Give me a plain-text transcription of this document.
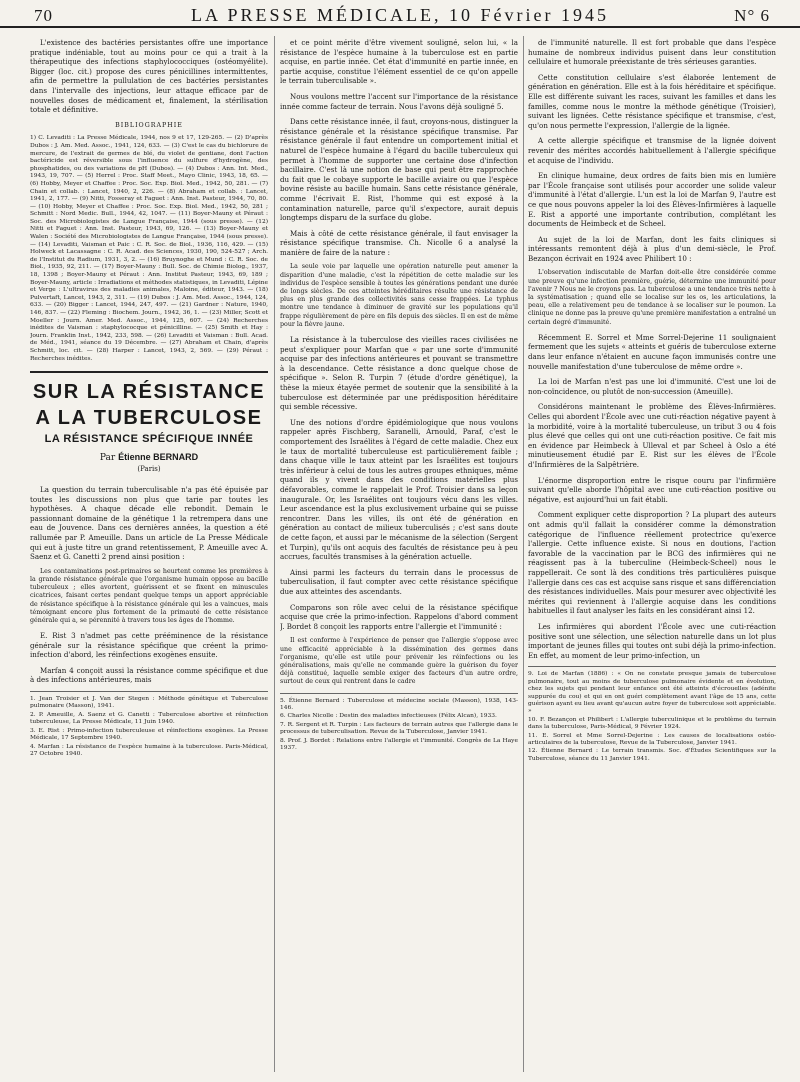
70	LA PRESSE MÉDICALE, 10 Février 1945	N° 6

L'existence des bactéries persistantes offre une importance pratique indéniable, tout au moins pour ce qui a trait à la thérapeutique des infections staphylococciques (ostéomyélite). Bigger (loc. cit.) propose des cures pénicillines intermittentes, afin de permettre la pullulation de ces bactéries persistantes dans l'intervalle des injections, leur attaque efficace par de nouvelles doses de médicament et, finalement, la stérilisation totale et définitive.

BIBLIOGRAPHIE
1) C. Levaditi : La Presse Médicale, 1944, nos 9 et 17, 129-265. — (2) D'après Dubos : J. Am. Med. Assoc., 1941, 124, 633. — (3) C'est le cas du bichlorure de mercure, de l'extrait de germes de blé, du violet de gentiane, dont l'action bactéricide est réversible sous l'influence du sulfure d'hydrogène, des phosphatides, ou des variations de pH (Dubos). — (4) Dubos : Ann. Int. Med., 1943, 19, 707. — (5) Herrel : Proc. Staff Meet., Mayo Clinic, 1943, 18, 65. — (6) Hobby, Meyer et Chaffee : Proc. Soc. Exp. Biol. Med., 1942, 50, 281. — (7) Chain et collab. : Lancet, 1940, 2, 226. — (8) Abraham et collab. : Lancet, 1941, 2, 177. — (9) Nitti, Fosseray et Faguet : Ann. Inst. Pasteur, 1944, 70, 80. — (10) Hobby, Meyer et Chaffee : Proc. Soc. Exp. Biol. Med., 1942, 50, 281 ; Schmitt : Nord Medic. Bull., 1944, 42, 1047. — (11) Boyer-Mauny et Péraut : Soc. des Microbiologistes de Langue Française, 1944 (sous presse). — (12) Nitti et Faguet : Ann. Inst. Pasteur, 1943, 69, 126. — (13) Boyer-Mauny et Walen : Société des Microbiologistes de Langue Française, 1944 (sous presse). — (14) Levaditi, Vaisman et Paic : C. R. Soc. de Biol., 1936, 116, 429. — (15) Holweck et Lacassagne : C. R. Acad. des Sciences, 1930, 190, 524-527 ; Arch. de l'Institut du Radium, 1931, 3, 2. — (16) Bruynoghe et Mund : C. R. Soc. de Biol., 1935, 92, 211. — (17) Boyer-Mauny : Bull. Soc. de Chimie Biolog., 1937, 18, 1398 ; Boyer-Mauny et Péraut : Ann. Institut Pasteur, 1943, 69, 189 ; Boyer-Mauny, article : Irradiations et méthodes statistiques, in Levaditi, Lépine et Verge : L'ultravirus des maladies animales, Maloine, éditeur, 1943. — (18) Pulvertaft, Lancet, 1943, 2, 311. — (19) Dubos : J. Am. Med. Assoc., 1944, 124, 633. — (20) Bigger : Lancet, 1944, 247, 497. — (21) Gardner : Nature, 1940, 146, 837. — (22) Fleming : Biochem. Journ., 1942, 36, 1. — (23) Miller, Scott et Moeller : Journ. Amer. Med. Assoc., 1944, 125, 607. — (24) Recherches inédites de Vaisman : staphylococque et pénicilline. — (25) Smith et Hay : Journ. Franklin Inst., 1942, 233, 598. — (26) Levaditi et Vaisman : Bull. Acad. de Méd., 1941, séance du 19 Décembre. — (27) Abraham et Chain, d'après Schmitt, loc. cit. — (28) Harper : Lancet, 1943, 2, 569. — (29) Péraut : Recherches inédites.
SUR LA RÉSISTANCE
A LA TUBERCULOSE
LA RÉSISTANCE SPÉCIFIQUE INNÉE
Par Étienne BERNARD
(Paris)

La question du terrain tuberculisable n'a pas été épuisée par toutes les discussions non plus que tarie par toutes les hypothèses. A chaque décade elle rebondit. Demain le passionnant domaine de la génétique 1 la retrempera dans une eau de Jouvence. Dans ces dernières années, la question a été rallumée par P. Ameuille. Dans un article de La Presse Médicale qui eut à juste titre un grand retentissement, P. Ameuille avec A. Saenz et G. Canetti 2 prend ainsi position :

Les contaminations post-primaires se heurtent comme les premières à la grande résistance générale que l'organisme humain oppose au bacille tuberculeux ; elles avortent, guérissent et se fixent en minuscules cicatrices, faisant certes pendant quelque temps un apport appréciable de résistance spécifique à la résistance générale qui les a vaincues, mais témoignant encore plus fortement de la primauté de cette résistance générale qui a, se pérennité à travers tous les âges de l'homme.

E. Rist 3 n'admet pas cette prééminence de la résistance générale sur la résistance spécifique que créent la primo-infection d'abord, les réinfections exogènes ensuite.

Marfan 4 conçoit aussi la résistance comme spécifique et due à des infections antérieures, mais

1. Jean Troisier et J. Van der Stegen : Méthode génétique et Tuberculose pulmonaire (Masson), 1941.
2. P. Ameuille, A. Saenz et G. Canetti : Tuberculose abortive et réinfection tuberculeuse, La Presse Médicale, 11 Juin 1940.
3. E. Rist : Primo-infection tuberculeuse et réinfections exogènes. La Presse Médicale, 17 Septembre 1940.
4. Marfan : La résistance de l'espèce humaine à la tuberculose. Paris-Médical, 27 Octobre 1940.

et ce point mérite d'être vivement souligné, selon lui, « la résistance de l'espèce humaine à la tuberculose est en partie acquise, en partie innée. Cet état d'immunité en partie innée, en partie acquise, constitue l'élément essentiel de ce qu'on appelle le terrain tuberculisable ».

Nous voulons mettre l'accent sur l'importance de la résistance innée comme facteur de terrain. Nous l'avons déjà souligné 5.

Dans cette résistance innée, il faut, croyons-nous, distinguer la résistance générale et la résistance spécifique transmise. Par résistance générale il faut entendre un comportement initial et naturel de l'espèce humaine à l'égard du bacille tuberculeux qui permet à l'homme de supporter une certaine dose d'infection bacillaire. C'est là une notion de base qui peut être rapprochée du fait que le cobaye supporte le bacille aviaire ou que l'espèce bovine résiste au bacille humain. Sans cette résistance générale, comme l'écrivait E. Rist, l'homme qui est exposé à la contamination naturelle, parce qu'il s'expectore, aurait depuis longtemps disparu de la surface du globe.

Mais à côté de cette résistance générale, il faut envisager la résistance spécifique transmise. Ch. Nicolle 6 a analysé la manière de faire de la nature :

La seule voie par laquelle une opération naturelle peut amener la disparition d'une maladie, c'est la répétition de cette maladie sur les individus de l'espèce sensible à toutes les générations pendant une durée de longs siècles. De ces atteintes héréditaires résulte une résistance de plus en plus grande des collectivités sans cesse frappées. Le typhus montre une tendance à diminuer de gravité sur les populations qu'il frappe régulièrement de père en fils depuis des siècles. Il en est de même pour la fièvre jaune.

La résistance à la tuberculose des vieilles races civilisées ne peut s'expliquer pour Marfan que « par une sorte d'immunité acquise par des infections antérieures et pouvant se transmettre à la descendance. Cette résistance a donc quelque chose de spécifique ». Selon R. Turpin 7 (étude d'ordre génétique), la thèse la mieux étayée permet de soutenir que la sensibilité à la tuberculose est déterminée par une prédisposition héréditaire qui semble récessive.

Une des notions d'ordre épidémiologique que nous voulons rappeler après Fischberg, Saranelli, Arnould, Paraf, c'est le comportement des Israélites à l'égard de cette maladie. Chez eux le taux de mortalité tuberculeuse est particulièrement faible ; dans chaque ville le taux atteint par les Israélites est toujours très inférieur à celui de tous les autres groupes ethniques, même quand ils y vivent dans des conditions matérielles plus défavorables, comme le rappelait le Prof. Troisier dans sa leçon inaugurale. Or, les Israélites ont toujours vécu dans les villes. Leur ascendance est la plus exclusivement urbaine qui se puisse rencontrer. Dans les villes, ils ont été de génération en génération au contact de milieux tuberculisés ; c'est sans doute de cette façon, et aussi par le mécanisme de la sélection (Sergent et Turpin), qu'ils ont acquis des facultés de résistance peu à peu accrues, facultés transmises à la génération actuelle.

Ainsi parmi les facteurs du terrain dans le processus de tuberculisation, il faut compter avec cette résistance spécifique due aux atteintes des ascendants.

Comparons son rôle avec celui de la résistance spécifique acquise que crée la primo-infection. Rappelons d'abord comment J. Bordet 8 conçoit les rapports entre l'allergie et l'immunité :

Il est conforme à l'expérience de penser que l'allergie s'oppose avec une efficacité appréciable à la dissémination des germes dans l'organisme, qu'elle est utile pour prévenir les réinfections ou les généralisations, mais qu'elle ne commande guère la guérison du foyer déjà constitué, laquelle semble exiger des facteurs d'un autre ordre, surtout de ceux qui rentrent dans le cadre

5. Étienne Bernard : Tuberculose et médecine sociale (Masson), 1938, 143-146.
6. Charles Nicolle : Destin des maladies infectieuses (Félix Alcan), 1933.
7. R. Sergent et R. Turpin : Les facteurs de terrain autres que l'allergie dans le processus de tuberculisation. Revue de la Tuberculose, Janvier 1941.
8. Prof. J. Bordet : Relations entre l'allergie et l'immunité. Congrès de La Haye 1937.

de l'immunité naturelle. Il est fort probable que dans l'espèce humaine de nombreux individus puisent dans leur constitution cellulaire et humorale préexistante de très sérieuses garanties.

Cette constitution cellulaire s'est élaborée lentement de génération en génération. Elle est à la fois héréditaire et spécifique. Elle est différente suivant les races, suivant les familles et dans les familles, comme nous le montre la méthode génétique (Troisier), suivant les lignées. Cette résistance spécifique et transmise, c'est, qu'on nous permette l'expression, l'allergie de la lignée.

A cette allergie spécifique et transmise de la lignée doivent revenir des mérites accordés habituellement à l'allergie spécifique et acquise de l'individu.

En clinique humaine, deux ordres de faits bien mis en lumière par l'École française sont utilisés pour accorder une solide valeur d'immunité à l'état d'allergie. L'un est la loi de Marfan 9, l'autre est ce que nous pouvons appeler la loi des Élèves-Infirmières à laquelle E. Rist a apporté une importante contribution, complétant les documents de Heimbeck et de Scheel.

Au sujet de la loi de Marfan, dont les faits cliniques si intéressants remontent déjà à plus d'un demi-siècle, le Prof. Bezançon écrivait en 1924 avec Philibert 10 :

L'observation indiscutable de Marfan doit-elle être considérée comme une preuve qu'une infection première, guérie, détermine une immunité pour l'avenir ? Nous ne le croyons pas. La tuberculose a une tendance très nette à la systématisation ; quand elle se localise sur les os, les articulations, la peau, elle a relativement peu de tendance à se localiser sur le poumon. La clinique ne donne pas la preuve qu'une première manifestation a entraîné un certain degré d'immunité.

Récemment E. Sorrel et Mme Sorrel-Dejerine 11 soulignaient fermement que les sujets « atteints et guéris de tuberculose externe dans leur enfance n'étaient en aucune façon immunisés contre une nouvelle manifestation d'une tuberculose de même ordre ».

La loi de Marfan n'est pas une loi d'immunité. C'est une loi de non-coïncidence, ou plutôt de non-succession (Ameuille).

Considérons maintenant le problème des Élèves-Infirmières. Celles qui abordent l'École avec une cuti-réaction négative payent à la morbidité, voire à la mortalité tuberculeuse, un tribut 3 ou 4 fois plus élevé que celles qui ont une cuti-réaction positive. Ce fait mis en évidence par Heimbeck à Ulleval et par Scheel à Oslo a été minutieusement étudié par E. Rist sur les élèves de l'École d'Infirmières de la Salpêtrière.

L'énorme disproportion entre le risque couru par l'infirmière suivant qu'elle aborde l'hôpital avec une cuti-réaction positive ou négative, est aujourd'hui un fait établi.

Comment expliquer cette disproportion ? La plupart des auteurs ont admis qu'il fallait la considérer comme la démonstration catégorique de l'influence réellement protectrice qu'exerce l'allergie. Cette influence existe. Si nous en doutions, l'action favorable de la vaccination par le BCG des infirmières qui ne réagissent pas à la tuberculine (Heimbeck-Scheel) nous le rappellerait. Ce sont là des conditions très particulières puisque l'allergie dans ces cas est acquise sans risque et sans différenciation des résistances individuelles. Mais pour mesurer avec objectivité les mérites qui reviennent à l'allergie acquise dans les conditions habituelles il faut analyser les faits en les considérant ainsi 12.

Les infirmières qui abordent l'École avec une cuti-réaction positive sont une sélection, une sélection naturelle dans un lot plus important de jeunes filles qui toutes ont subi déjà la primo-infection. En effet, au moment de leur primo-infection, un

9. Loi de Marfan (1886) : « On ne constate presque jamais de tuberculose pulmonaire, tout au moins de tuberculose pulmonaire évidente et en évolution, chez les sujets qui pendant leur enfance ont été atteints d'écrouelles (adénite suppurée du cou) et qui en ont guéri complètement avant l'âge de 15 ans, cette guérison ayant eu lieu avant qu'aucun autre foyer de tuberculose soit appréciable. »
10. F. Bezançon et Philibert : L'allergie tuberculinique et le problème du terrain dans la tuberculose, Paris-Médical, 9 Février 1924.
11. E. Sorrel et Mme Sorrel-Dejerine : Les causes de localisations ostéo-articulaires de la tuberculose, Revue de la Tuberculose, Janvier 1941.
12. Étienne Bernard : Le terrain transmis. Soc. d'Études Scientifiques sur la Tuberculose, séance du 11 Janvier 1941.
